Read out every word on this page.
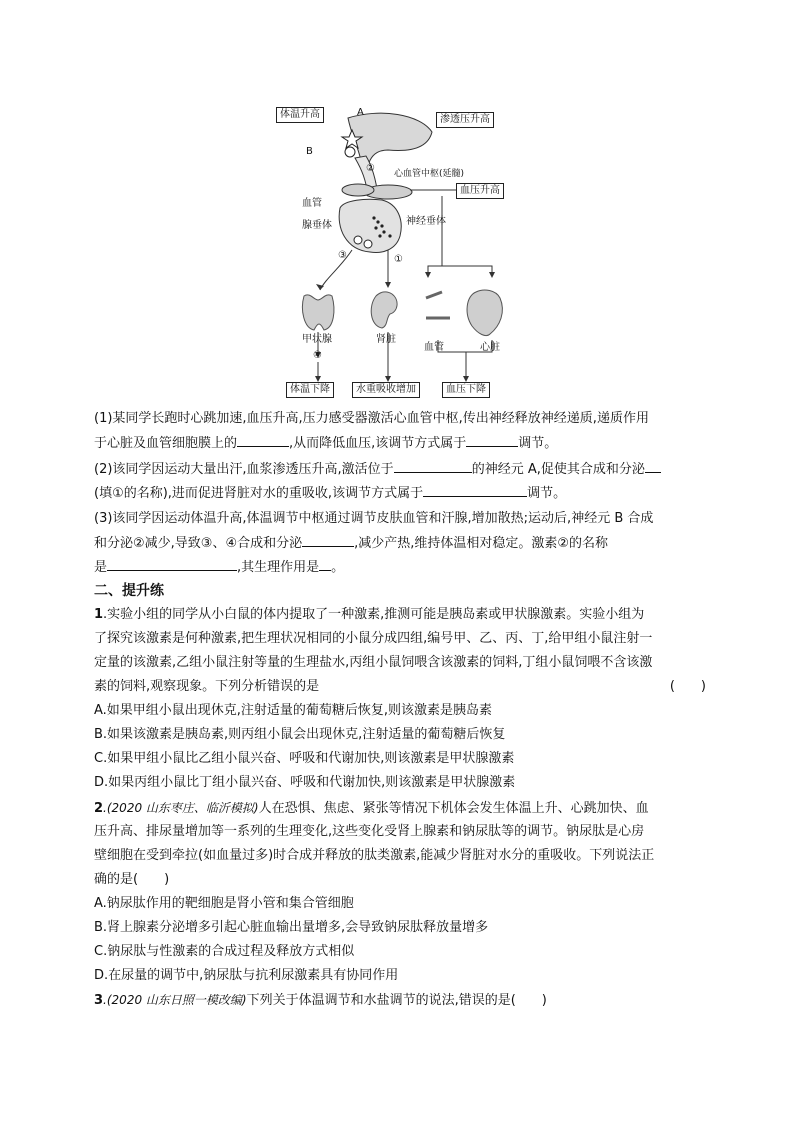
体温升高	A
B
渗透压升高
② 心血管中枢(延髓)
血压升高
血管
腺垂体	神经垂体
③	①
甲状腺	肾脏
血管	心脏
④
体温下降	水重吸收增加	血压下降
(1)某同学长跑时心跳加速,血压升高,压力感受器激活心血管中枢,传出神经释放神经递质,递质作用
于心脏及血管细胞膜上的	,从而降低血压,该调节方式属于	调节。
(2)该同学因运动大量出汗,血浆渗透压升高,激活位于	的神经元 A,促使其合成和分泌
(填①的名称),进而促进肾脏对水的重吸收,该调节方式属于	调节。
(3)该同学因运动体温升高,体温调节中枢通过调节皮肤血管和汗腺,增加散热;运动后,神经元 B 合成
和分泌②减少,导致③、④合成和分泌	,减少产热,维持体温相对稳定。激素②的名称
是	,其生理作用是 。
二、提升练
1.实验小组的同学从小白鼠的体内提取了一种激素,推测可能是胰岛素或甲状腺激素。实验小组为
了探究该激素是何种激素,把生理状况相同的小鼠分成四组,编号甲、乙、丙、丁,给甲组小鼠注射一
定量的该激素,乙组小鼠注射等量的生理盐水,丙组小鼠饲喂含该激素的饲料,丁组小鼠饲喂不含该激
素的饲料,观察现象。下列分析错误的是	(　　)
A.如果甲组小鼠出现休克,注射适量的葡萄糖后恢复,则该激素是胰岛素
B.如果该激素是胰岛素,则丙组小鼠会出现休克,注射适量的葡萄糖后恢复
C.如果甲组小鼠比乙组小鼠兴奋、呼吸和代谢加快,则该激素是甲状腺激素
D.如果丙组小鼠比丁组小鼠兴奋、呼吸和代谢加快,则该激素是甲状腺激素
2.(2020 山东枣庄、临沂模拟)人在恐惧、焦虑、紧张等情况下机体会发生体温上升、心跳加快、血
压升高、排尿量增加等一系列的生理变化,这些变化受肾上腺素和钠尿肽等的调节。钠尿肽是心房
壁细胞在受到牵拉(如血量过多)时合成并释放的肽类激素,能减少肾脏对水分的重吸收。下列说法正
确的是(　　)
A.钠尿肽作用的靶细胞是肾小管和集合管细胞
B.肾上腺素分泌增多引起心脏血输出量增多,会导致钠尿肽释放量增多
C.钠尿肽与性激素的合成过程及释放方式相似
D.在尿量的调节中,钠尿肽与抗利尿激素具有协同作用
3.(2020 山东日照一模改编)下列关于体温调节和水盐调节的说法,错误的是(　　)
